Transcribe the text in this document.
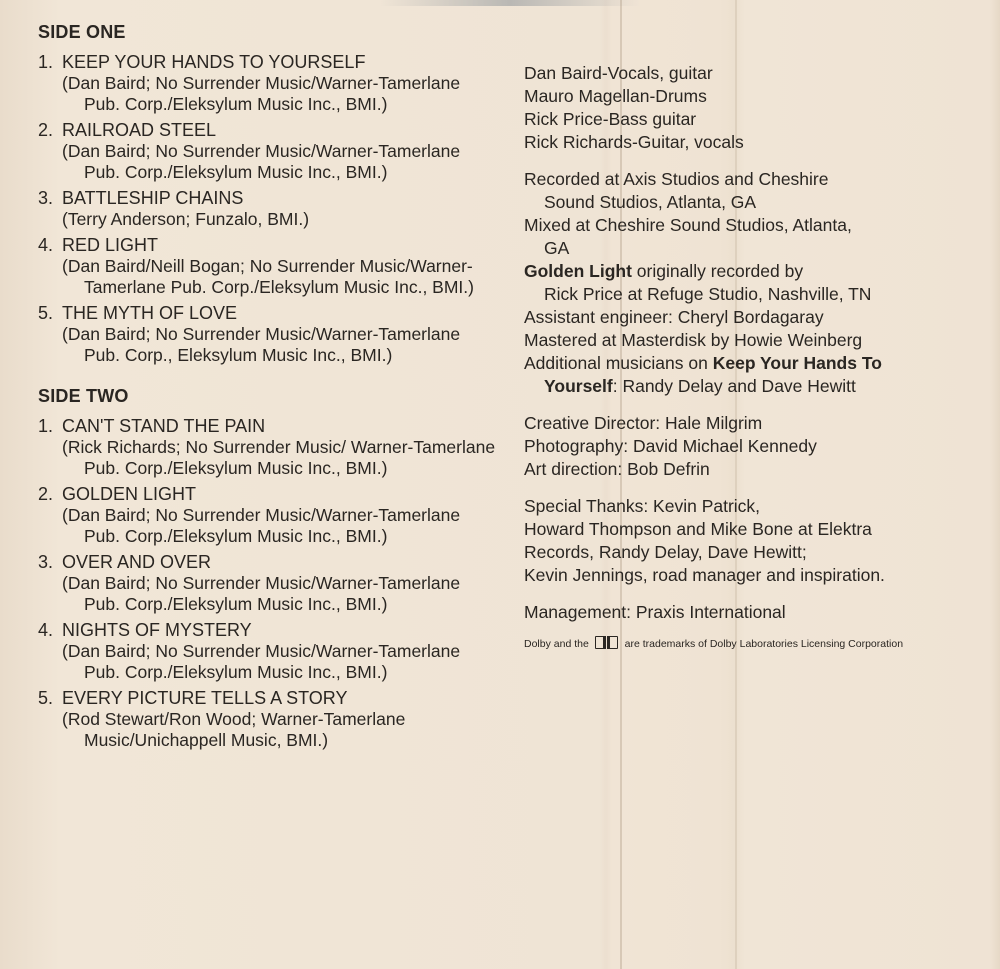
SIDE ONE
1. KEEP YOUR HANDS TO YOURSELF
(Dan Baird; No Surrender Music/Warner-Tamerlane Pub. Corp./Eleksylum Music Inc., BMI.)
2. RAILROAD STEEL
(Dan Baird; No Surrender Music/Warner-Tamerlane Pub. Corp./Eleksylum Music Inc., BMI.)
3. BATTLESHIP CHAINS
(Terry Anderson; Funzalo, BMI.)
4. RED LIGHT
(Dan Baird/Neill Bogan; No Surrender Music/Warner-Tamerlane Pub. Corp./Eleksylum Music Inc., BMI.)
5. THE MYTH OF LOVE
(Dan Baird; No Surrender Music/Warner-Tamerlane Pub. Corp., Eleksylum Music Inc., BMI.)
SIDE TWO
1. CAN'T STAND THE PAIN
(Rick Richards; No Surrender Music/ Warner-Tamerlane Pub. Corp./Eleksylum Music Inc., BMI.)
2. GOLDEN LIGHT
(Dan Baird; No Surrender Music/Warner-Tamerlane Pub. Corp./Eleksylum Music Inc., BMI.)
3. OVER AND OVER
(Dan Baird; No Surrender Music/Warner-Tamerlane Pub. Corp./Eleksylum Music Inc., BMI.)
4. NIGHTS OF MYSTERY
(Dan Baird; No Surrender Music/Warner-Tamerlane Pub. Corp./Eleksylum Music Inc., BMI.)
5. EVERY PICTURE TELLS A STORY
(Rod Stewart/Ron Wood; Warner-Tamerlane Music/Unichappell Music, BMI.)
Dan Baird-Vocals, guitar
Mauro Magellan-Drums
Rick Price-Bass guitar
Rick Richards-Guitar, vocals
Recorded at Axis Studios and Cheshire
Sound Studios, Atlanta, GA
Mixed at Cheshire Sound Studios, Atlanta,
GA
Golden Light originally recorded by
Rick Price at Refuge Studio, Nashville, TN
Assistant engineer: Cheryl Bordagaray
Mastered at Masterdisk by Howie Weinberg
Additional musicians on Keep Your Hands To
Yourself: Randy Delay and Dave Hewitt
Creative Director: Hale Milgrim
Photography: David Michael Kennedy
Art direction: Bob Defrin
Special Thanks: Kevin Patrick,
Howard Thompson and Mike Bone at Elektra
Records, Randy Delay, Dave Hewitt;
Kevin Jennings, road manager and inspiration.
Management: Praxis International
Dolby and the	are trademarks of Dolby Laboratories Licensing Corporation
